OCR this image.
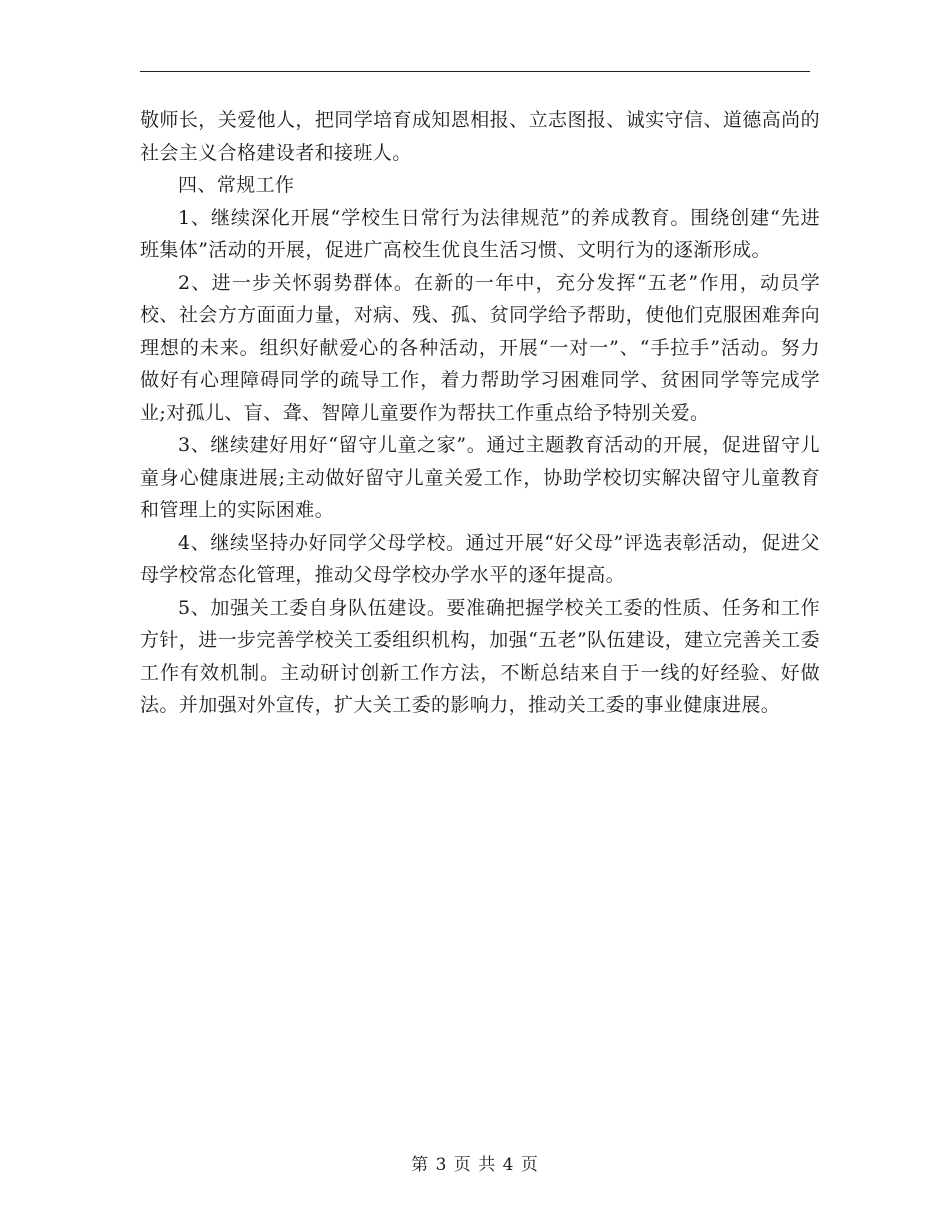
敬师长，关爱他人，把同学培育成知恩相报、立志图报、诚实守信、道德高尚的社会主义合格建设者和接班人。

四、常规工作

1、继续深化开展“学校生日常行为法律规范”的养成教育。围绕创建“先进班集体”活动的开展，促进广高校生优良生活习惯、文明行为的逐渐形成。

2、进一步关怀弱势群体。在新的一年中，充分发挥“五老”作用，动员学校、社会方方面面力量，对病、残、孤、贫同学给予帮助，使他们克服困难奔向理想的未来。组织好献爱心的各种活动，开展“一对一”、“手拉手”活动。努力做好有心理障碍同学的疏导工作，着力帮助学习困难同学、贫困同学等完成学业;对孤儿、盲、聋、智障儿童要作为帮扶工作重点给予特别关爱。

3、继续建好用好“留守儿童之家”。通过主题教育活动的开展，促进留守儿童身心健康进展;主动做好留守儿童关爱工作，协助学校切实解决留守儿童教育和管理上的实际困难。

4、继续坚持办好同学父母学校。通过开展“好父母”评选表彰活动，促进父母学校常态化管理，推动父母学校办学水平的逐年提高。

5、加强关工委自身队伍建设。要准确把握学校关工委的性质、任务和工作方针，进一步完善学校关工委组织机构，加强“五老”队伍建设，建立完善关工委工作有效机制。主动研讨创新工作方法，不断总结来自于一线的好经验、好做法。并加强对外宣传，扩大关工委的影响力，推动关工委的事业健康进展。

第 3 页 共 4 页
